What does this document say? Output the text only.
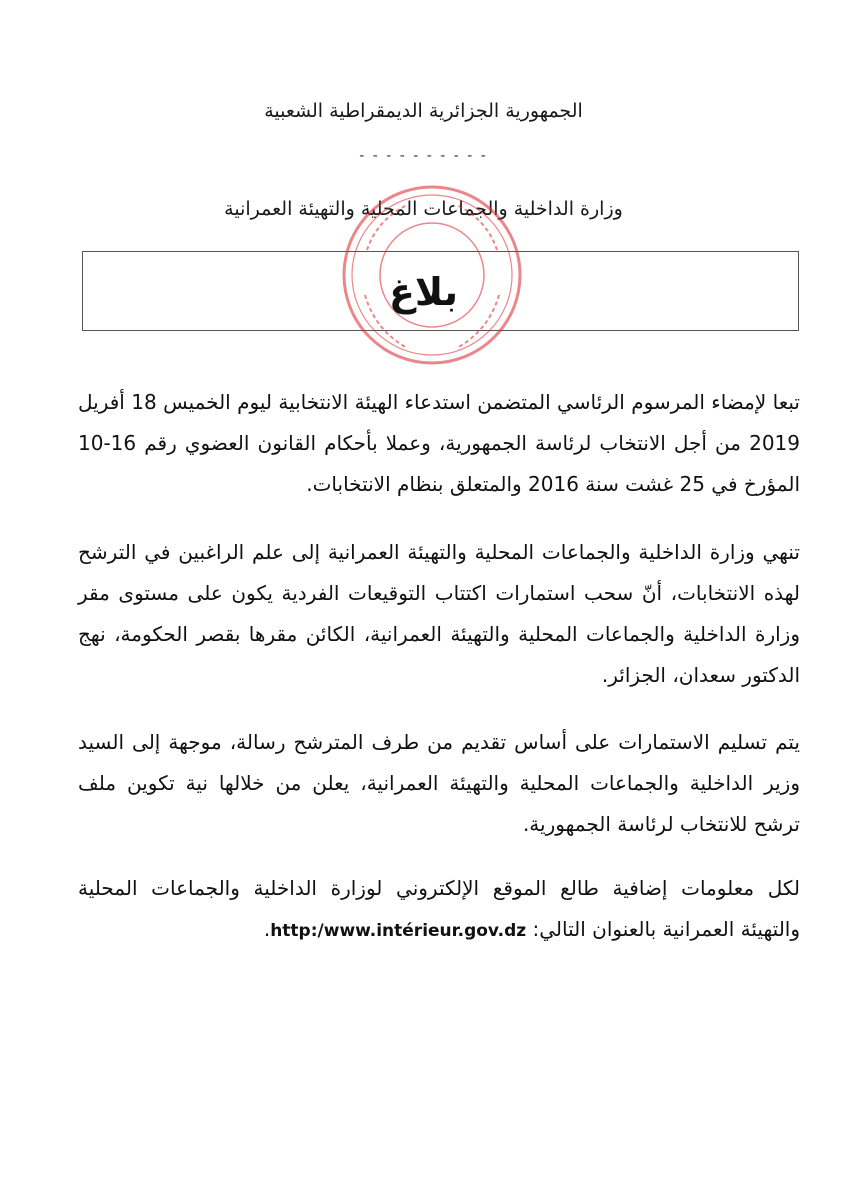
الجمهورية الجزائرية الديمقراطية الشعبية
- - - - - - - - - -
وزارة الداخلية والجماعات المحلية والتهيئة العمرانية
بلاغ
تبعا لإمضاء المرسوم الرئاسي المتضمن استدعاء الهيئة الانتخابية ليوم الخميس 18 أفريل 2019 من أجل الانتخاب لرئاسة الجمهورية، وعملا بأحكام القانون العضوي رقم 16-10 المؤرخ في 25 غشت سنة 2016 والمتعلق بنظام الانتخابات.
تنهي وزارة الداخلية والجماعات المحلية والتهيئة العمرانية إلى علم الراغبين في الترشح لهذه الانتخابات، أنّ سحب استمارات اكتتاب التوقيعات الفردية يكون على مستوى مقر وزارة الداخلية والجماعات المحلية والتهيئة العمرانية، الكائن مقرها بقصر الحكومة، نهج الدكتور سعدان، الجزائر.
يتم تسليم الاستمارات على أساس تقديم من طرف المترشح رسالة، موجهة إلى السيد وزير الداخلية والجماعات المحلية والتهيئة العمرانية، يعلن من خلالها نية تكوين ملف ترشح للانتخاب لرئاسة الجمهورية.
لكل معلومات إضافية طالع الموقع الإلكتروني لوزارة الداخلية والجماعات المحلية والتهيئة العمرانية بالعنوان التالي: http:/www.intérieur.gov.dz.
